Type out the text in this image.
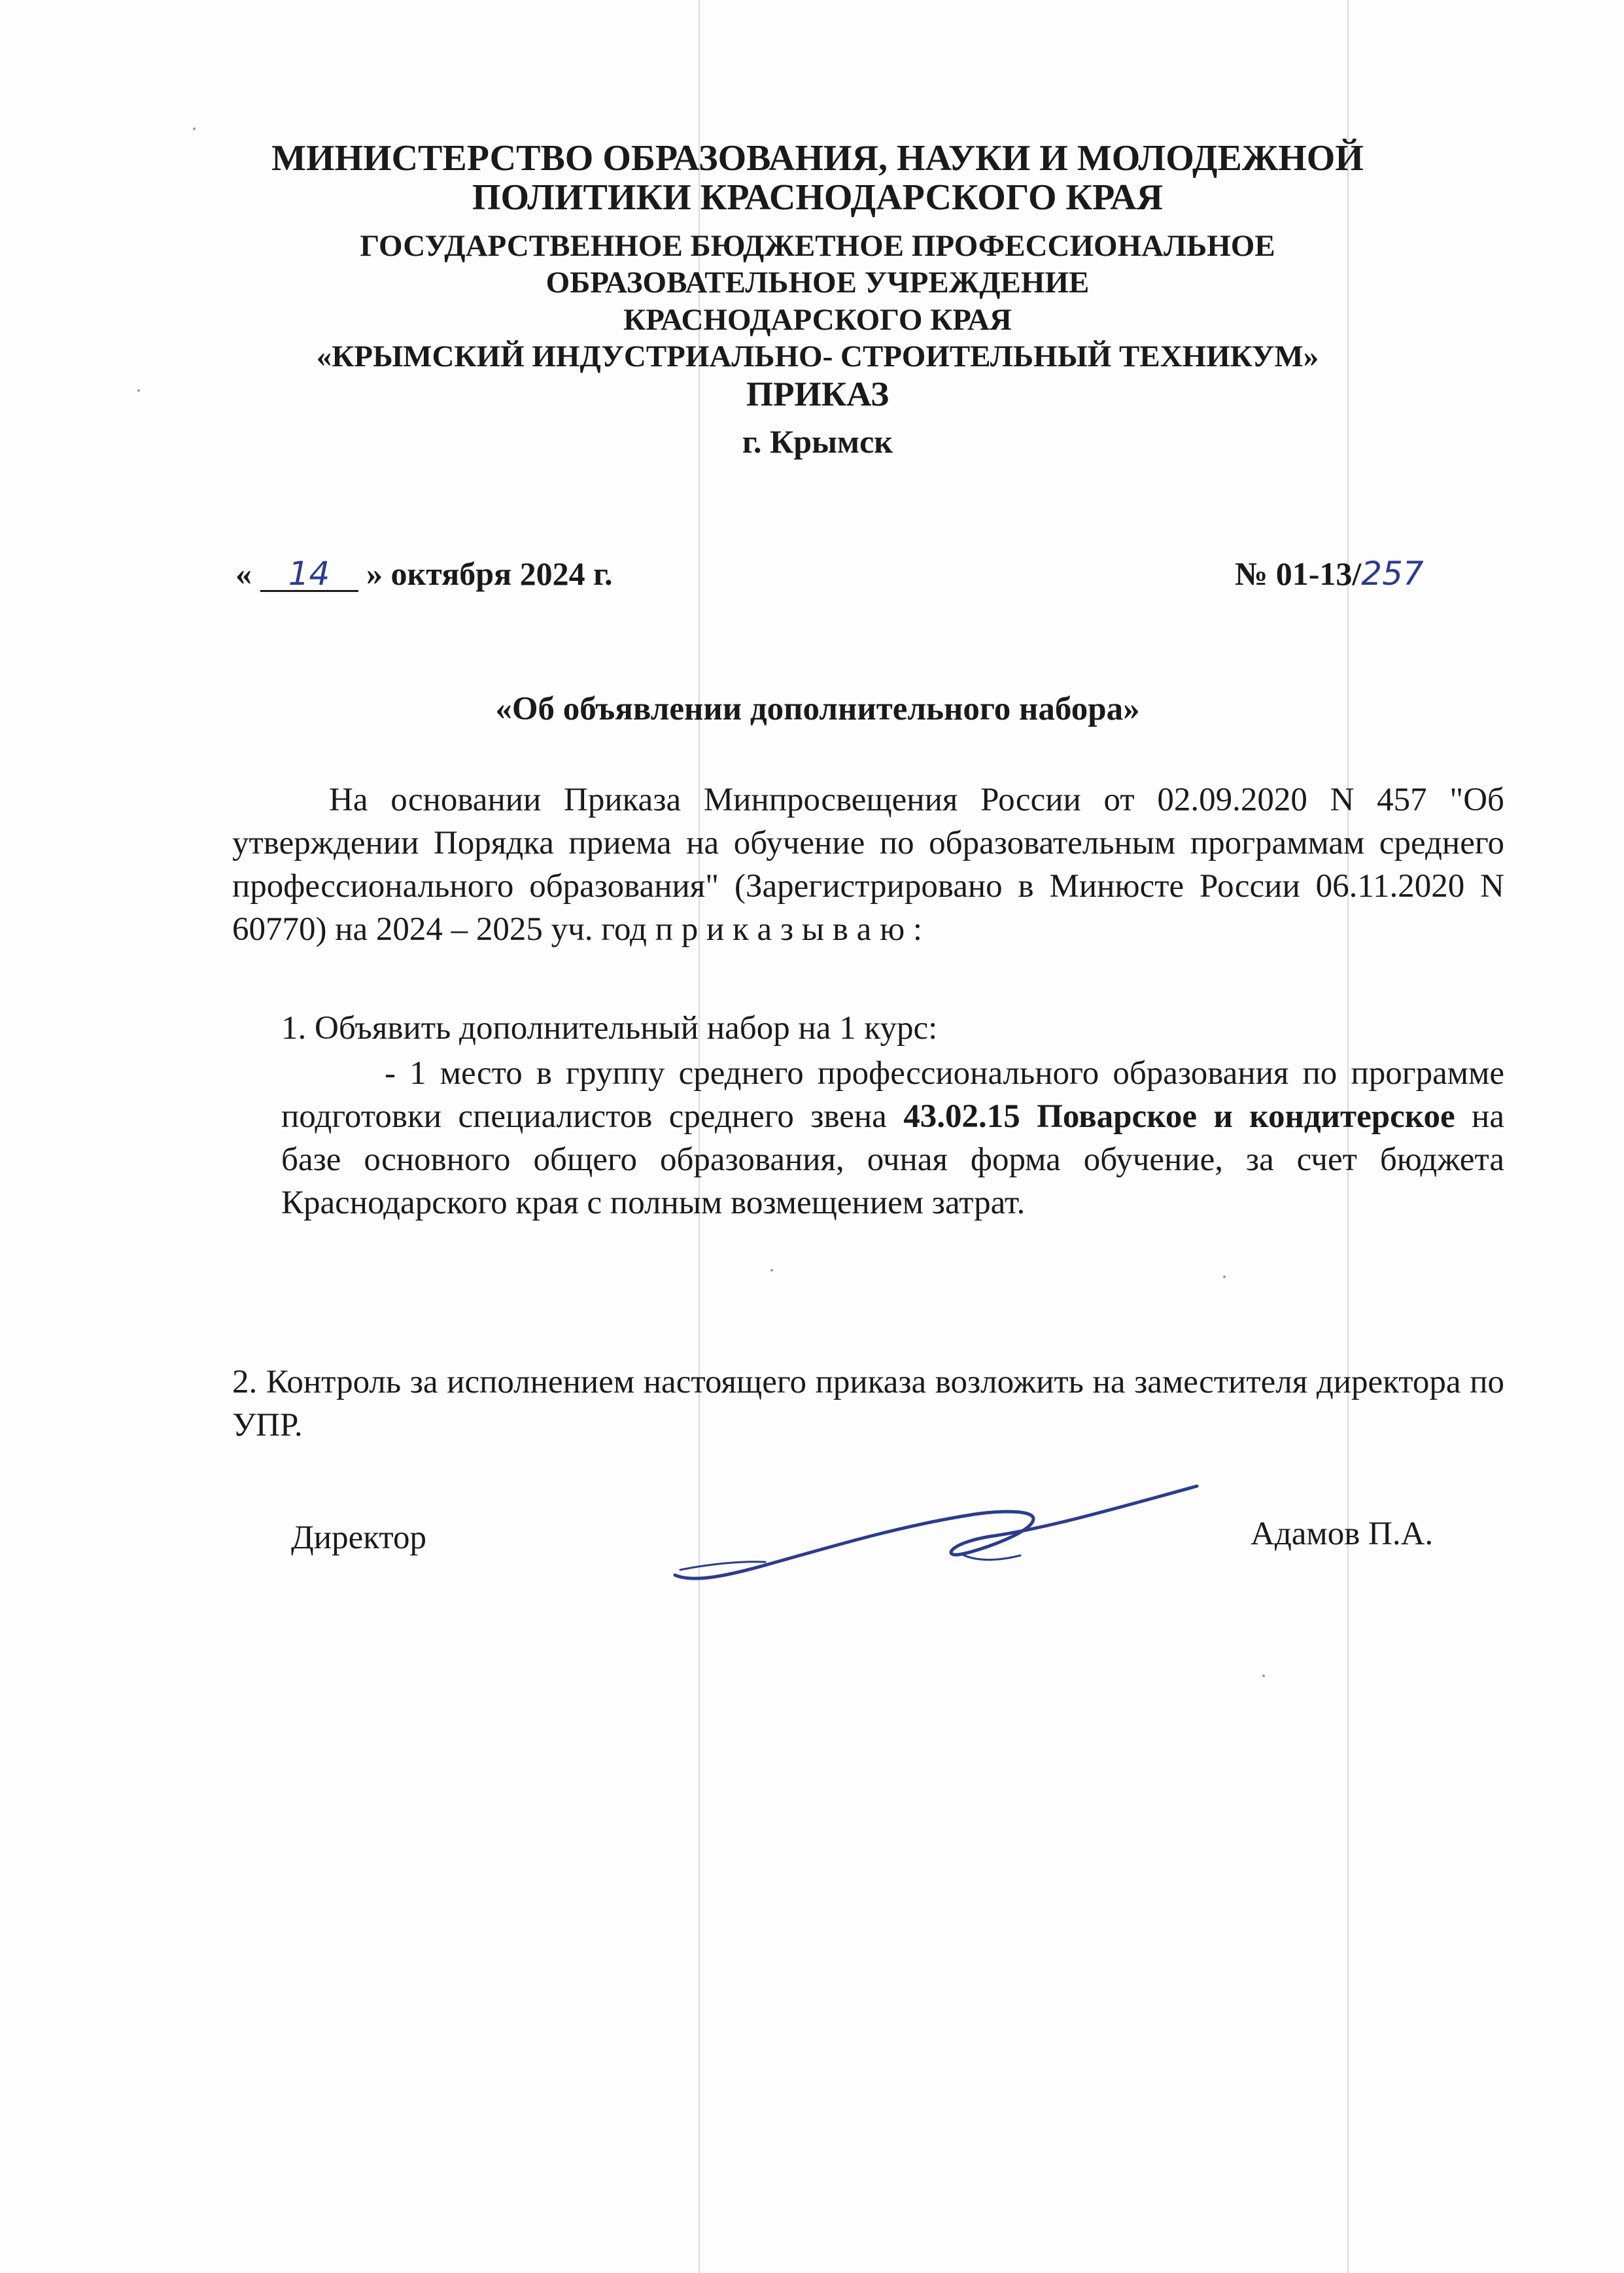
МИНИСТЕРСТВО ОБРАЗОВАНИЯ, НАУКИ И МОЛОДЕЖНОЙ
ПОЛИТИКИ КРАСНОДАРСКОГО КРАЯ
ГОСУДАРСТВЕННОЕ БЮДЖЕТНОЕ ПРОФЕССИОНАЛЬНОЕ
ОБРАЗОВАТЕЛЬНОЕ УЧРЕЖДЕНИЕ
КРАСНОДАРСКОГО КРАЯ
«КРЫМСКИЙ ИНДУСТРИАЛЬНО- СТРОИТЕЛЬНЫЙ ТЕХНИКУМ»
ПРИКАЗ
г. Крымск
« 14 » октября 2024 г.	№ 01-13/257
«Об объявлении дополнительного набора»
На основании Приказа Минпросвещения России от 02.09.2020 N 457 "Об утверждении Порядка приема на обучение по образовательным программам среднего профессионального образования" (Зарегистрировано в Минюсте России 06.11.2020 N 60770) на 2024 – 2025 уч. год п р и к а з ы в а ю :
1. Объявить дополнительный набор на 1 курс:
- 1 место в группу среднего профессионального образования по программе подготовки специалистов среднего звена 43.02.15 Поварское и кондитерское на базе основного общего образования, очная форма обучение, за счет бюджета Краснодарского края с полным возмещением затрат.
2. Контроль за исполнением настоящего приказа возложить на заместителя директора по УПР.
Директор	Адамов П.А.
